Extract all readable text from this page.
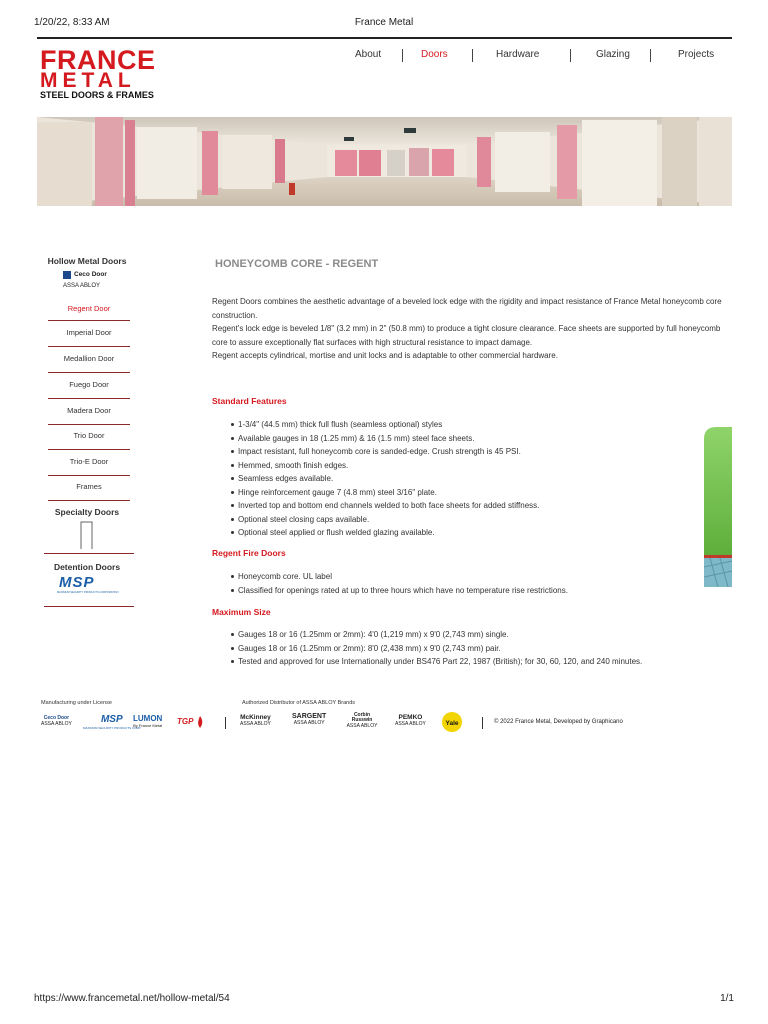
1/20/22, 8:33 AM	France Metal
https://www.francemetal.net/hollow-metal/54	1/1
FRANCE
METAL
STEEL DOORS & FRAMES
About	Doors	Hardware	Glazing	Projects
Hollow Metal Doors
Ceco Door
ASSA ABLOY
Regent Door
Imperial Door
Medallion Door
Fuego Door
Madera Door
Trio Door
Trio-E Door
Frames
Specialty Doors
Detention Doors
MSP
MAXIMUM SECURITY PRODUCTS CORPORATION
HONEYCOMB CORE - REGENT
Regent Doors combines the aesthetic advantage of a beveled lock edge with the rigidity and impact resistance of France Metal honeycomb core construction.
Regent's lock edge is beveled 1/8" (3.2 mm) in 2" (50.8 mm) to produce a tight closure clearance. Face sheets are supported by full honeycomb core to assure exceptionally flat surfaces with high structural resistance to impact damage.
Regent accepts cylindrical, mortise and unit locks and is adaptable to other commercial hardware.
Standard Features
1-3/4" (44.5 mm) thick full flush (seamless optional) styles
Available gauges in 18 (1.25 mm) & 16 (1.5 mm) steel face sheets.
Impact resistant, full honeycomb core is sanded-edge. Crush strength is 45 PSI.
Hemmed, smooth finish edges.
Seamless edges available.
Hinge reinforcement gauge 7 (4.8 mm) steel 3/16" plate.
Inverted top and bottom end channels welded to both face sheets for added stiffness.
Optional steel closing caps available.
Optional steel applied or flush welded glazing available.
Regent Fire Doors
Honeycomb core. UL label
Classified for openings rated at up to three hours which have no temperature rise restrictions.
Maximum Size
Gauges 18 or 16 (1.25mm or 2mm): 4'0 (1,219 mm) x 9'0 (2,743 mm) single.
Gauges 18 or 16 (1.25mm or 2mm): 8'0 (2,438 mm) x 9'0 (2,743 mm) pair.
Tested and approved for use Internationally under BS476 Part 22, 1987 (British); for 30, 60, 120, and 240 minutes.
Manufacturing under License	Authorized Distributor of ASSA ABLOY Brands
Ceco Door
ASSA ABLOY	MSP
MAXIMUM SECURITY PRODUCTS CORP
LUMON
By France Metal TGP	McKinney
ASSA ABLOY
SARGENT
ASSA ABLOY
Corbin Russwin
ASSA ABLOY
PEMKO
ASSA ABLOY	Yale	© 2022 France Metal, Developed by Graphicano
